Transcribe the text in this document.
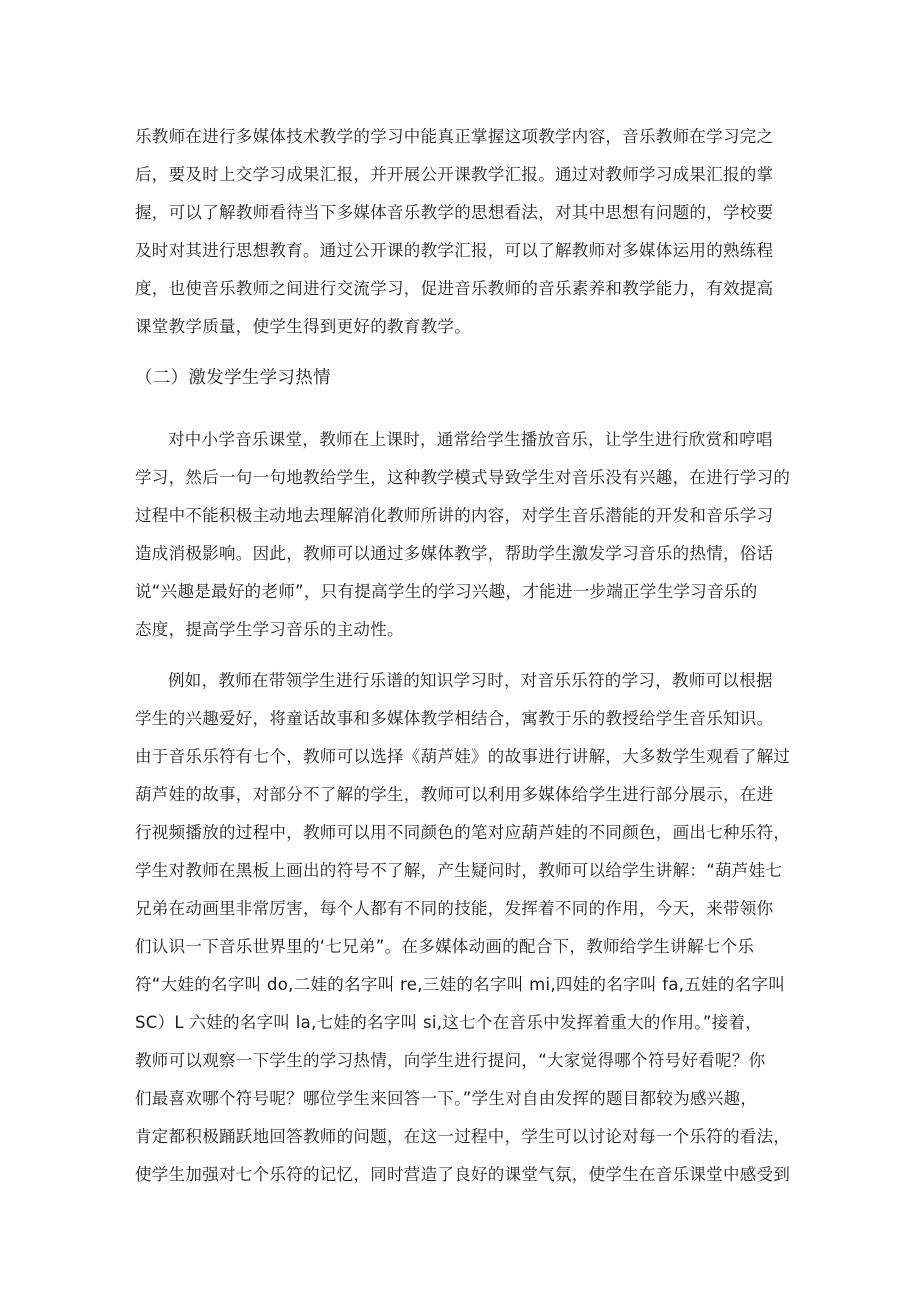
乐教师在进行多媒体技术教学的学习中能真正掌握这项教学内容，音乐教师在学习完之
后，要及时上交学习成果汇报，并开展公开课教学汇报。通过对教师学习成果汇报的掌
握，可以了解教师看待当下多媒体音乐教学的思想看法，对其中思想有问题的，学校要
及时对其进行思想教育。通过公开课的教学汇报，可以了解教师对多媒体运用的熟练程
度，也使音乐教师之间进行交流学习，促进音乐教师的音乐素养和教学能力，有效提高
课堂教学质量，使学生得到更好的教育教学。
（二）激发学生学习热情
对中小学音乐课堂，教师在上课时，通常给学生播放音乐，让学生进行欣赏和哼唱
学习，然后一句一句地教给学生，这种教学模式导致学生对音乐没有兴趣，在进行学习的
过程中不能积极主动地去理解消化教师所讲的内容，对学生音乐潜能的开发和音乐学习
造成消极影响。因此，教师可以通过多媒体教学，帮助学生激发学习音乐的热情，俗话
说“兴趣是最好的老师”，只有提高学生的学习兴趣，才能进一步端正学生学习音乐的
态度，提高学生学习音乐的主动性。
例如，教师在带领学生进行乐谱的知识学习时，对音乐乐符的学习，教师可以根据
学生的兴趣爱好，将童话故事和多媒体教学相结合，寓教于乐的教授给学生音乐知识。
由于音乐乐符有七个，教师可以选择《葫芦娃》的故事进行讲解，大多数学生观看了解过
葫芦娃的故事，对部分不了解的学生，教师可以利用多媒体给学生进行部分展示，在进
行视频播放的过程中，教师可以用不同颜色的笔对应葫芦娃的不同颜色，画出七种乐符，
学生对教师在黑板上画出的符号不了解，产生疑问时，教师可以给学生讲解：“葫芦娃七
兄弟在动画里非常厉害，每个人都有不同的技能，发挥着不同的作用，今天，来带领你
们认识一下音乐世界里的‘七兄弟”。在多媒体动画的配合下，教师给学生讲解七个乐
符“大娃的名字叫 do,二娃的名字叫 re,三娃的名字叫 mi,四娃的名字叫 fa,五娃的名字叫
SC）L 六娃的名字叫 la,七娃的名字叫 si,这七个在音乐中发挥着重大的作用。”接着，
教师可以观察一下学生的学习热情，向学生进行提问，“大家觉得哪个符号好看呢？你
们最喜欢哪个符号呢？哪位学生来回答一下。”学生对自由发挥的题目都较为感兴趣，
肯定都积极踊跃地回答教师的问题，在这一过程中，学生可以讨论对每一个乐符的看法，
使学生加强对七个乐符的记忆，同时营造了良好的课堂气氛，使学生在音乐课堂中感受到
